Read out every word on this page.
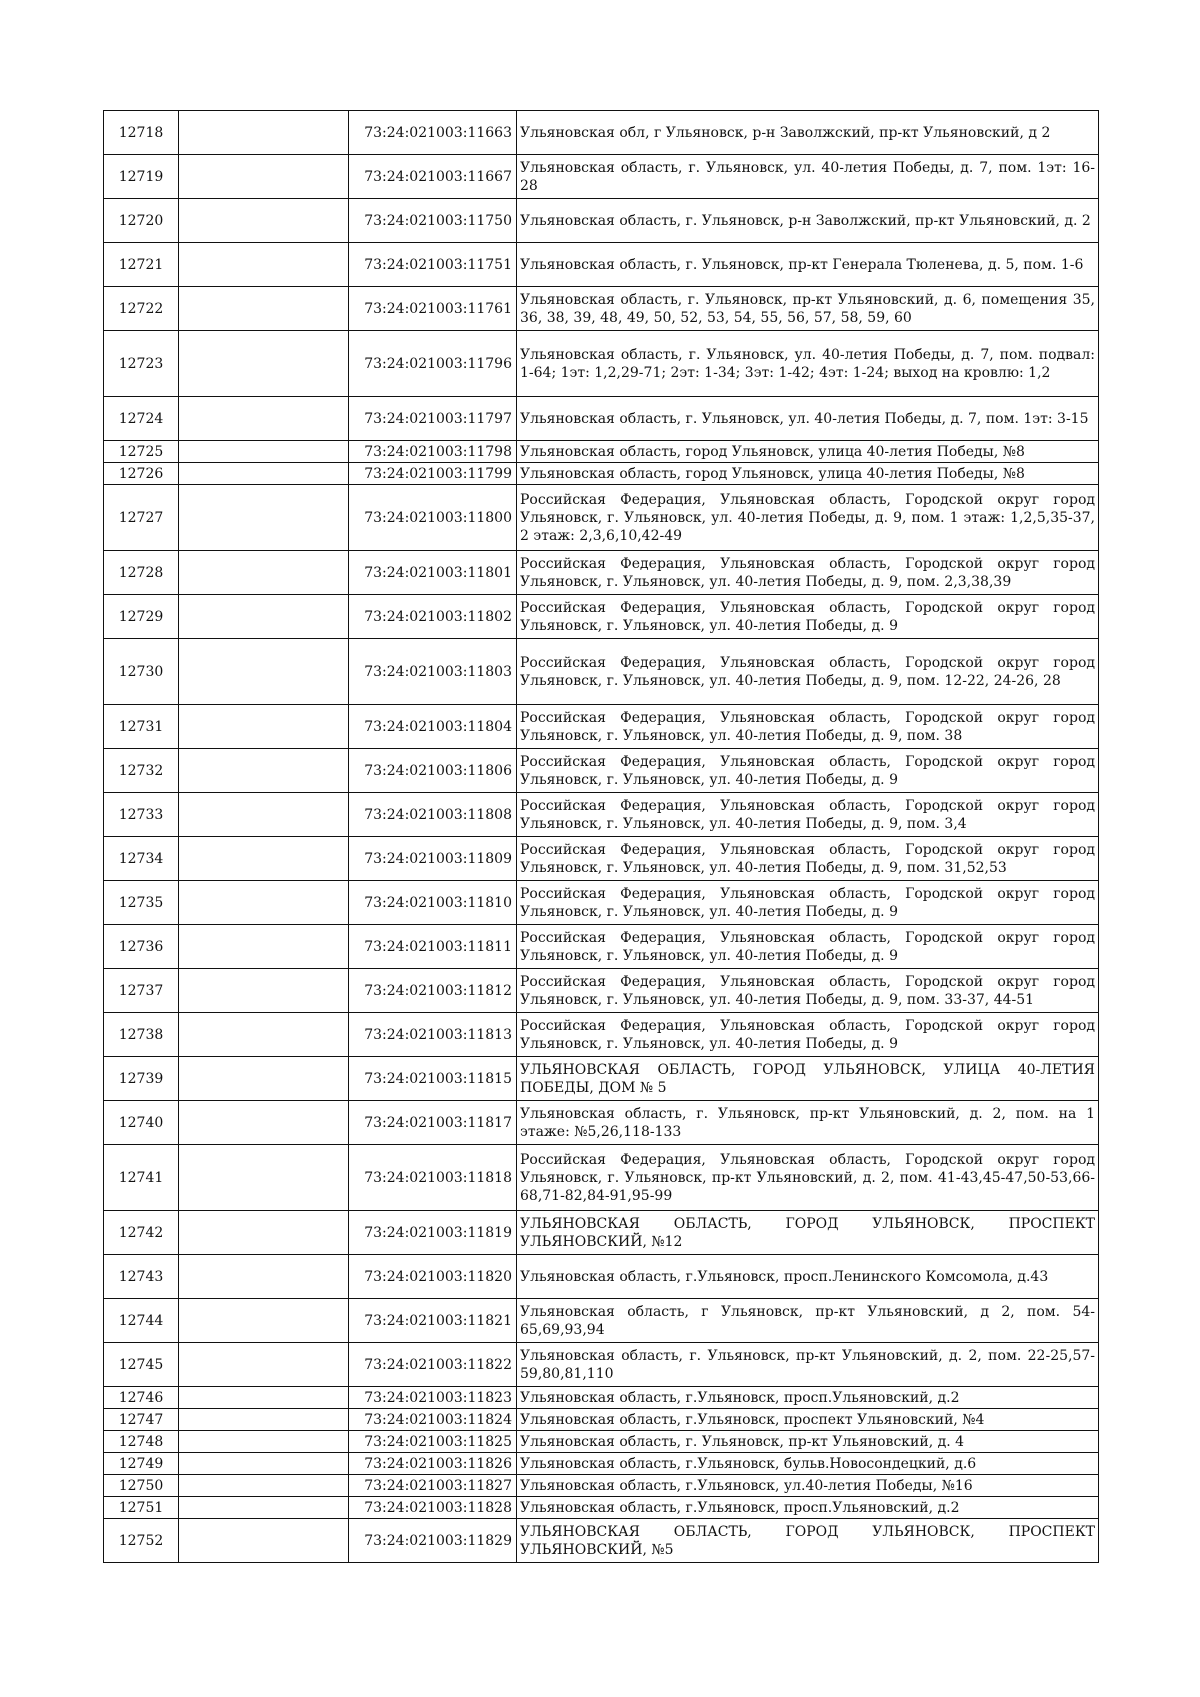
12718		73:24:021003:11663	Ульяновская обл, г Ульяновск, р-н Заволжский, пр-кт Ульяновский, д 2
12719		73:24:021003:11667	Ульяновская область, г. Ульяновск, ул. 40-летия Победы, д. 7, пом. 1эт: 16-28
12720		73:24:021003:11750	Ульяновская область, г. Ульяновск, р-н Заволжский, пр-кт Ульяновский, д. 2
12721		73:24:021003:11751	Ульяновская область, г. Ульяновск, пр-кт Генерала Тюленева, д. 5, пом. 1-6
12722		73:24:021003:11761	Ульяновская область, г. Ульяновск, пр-кт Ульяновский, д. 6, помещения 35, 36, 38, 39, 48, 49, 50, 52, 53, 54, 55, 56, 57, 58, 59, 60
12723		73:24:021003:11796	Ульяновская область, г. Ульяновск, ул. 40-летия Победы, д. 7, пом. подвал: 1-64; 1эт: 1,2,29-71; 2эт: 1-34; 3эт: 1-42; 4эт: 1-24; выход на кровлю: 1,2
12724		73:24:021003:11797	Ульяновская область, г. Ульяновск, ул. 40-летия Победы, д. 7, пом. 1эт: 3-15
12725		73:24:021003:11798	Ульяновская область, город Ульяновск, улица 40-летия Победы, №8
12726		73:24:021003:11799	Ульяновская область, город Ульяновск, улица 40-летия Победы, №8
12727		73:24:021003:11800	Российская Федерация, Ульяновская область, Городской округ город Ульяновск, г. Ульяновск, ул. 40-летия Победы, д. 9, пом. 1 этаж: 1,2,5,35-37, 2 этаж: 2,3,6,10,42-49
12728		73:24:021003:11801	Российская Федерация, Ульяновская область, Городской округ город Ульяновск, г. Ульяновск, ул. 40-летия Победы, д. 9, пом. 2,3,38,39
12729		73:24:021003:11802	Российская Федерация, Ульяновская область, Городской округ город Ульяновск, г. Ульяновск, ул. 40-летия Победы, д. 9
12730		73:24:021003:11803	Российская Федерация, Ульяновская область, Городской округ город Ульяновск, г. Ульяновск, ул. 40-летия Победы, д. 9, пом. 12-22, 24-26, 28
12731		73:24:021003:11804	Российская Федерация, Ульяновская область, Городской округ город Ульяновск, г. Ульяновск, ул. 40-летия Победы, д. 9, пом. 38
12732		73:24:021003:11806	Российская Федерация, Ульяновская область, Городской округ город Ульяновск, г. Ульяновск, ул. 40-летия Победы, д. 9
12733		73:24:021003:11808	Российская Федерация, Ульяновская область, Городской округ город Ульяновск, г. Ульяновск, ул. 40-летия Победы, д. 9, пом. 3,4
12734		73:24:021003:11809	Российская Федерация, Ульяновская область, Городской округ город Ульяновск, г. Ульяновск, ул. 40-летия Победы, д. 9, пом. 31,52,53
12735		73:24:021003:11810	Российская Федерация, Ульяновская область, Городской округ город Ульяновск, г. Ульяновск, ул. 40-летия Победы, д. 9
12736		73:24:021003:11811	Российская Федерация, Ульяновская область, Городской округ город Ульяновск, г. Ульяновск, ул. 40-летия Победы, д. 9
12737		73:24:021003:11812	Российская Федерация, Ульяновская область, Городской округ город Ульяновск, г. Ульяновск, ул. 40-летия Победы, д. 9, пом. 33-37, 44-51
12738		73:24:021003:11813	Российская Федерация, Ульяновская область, Городской округ город Ульяновск, г. Ульяновск, ул. 40-летия Победы, д. 9
12739		73:24:021003:11815	УЛЬЯНОВСКАЯ ОБЛАСТЬ, ГОРОД УЛЬЯНОВСК, УЛИЦА 40-ЛЕТИЯ ПОБЕДЫ, ДОМ № 5
12740		73:24:021003:11817	Ульяновская область, г. Ульяновск, пр-кт Ульяновский, д. 2, пом. на 1 этаже: №5,26,118-133
12741		73:24:021003:11818	Российская Федерация, Ульяновская область, Городской округ город Ульяновск, г. Ульяновск, пр-кт Ульяновский, д. 2, пом. 41-43,45-47,50-53,66-68,71-82,84-91,95-99
12742		73:24:021003:11819	УЛЬЯНОВСКАЯ ОБЛАСТЬ, ГОРОД УЛЬЯНОВСК, ПРОСПЕКТ УЛЬЯНОВСКИЙ, №12
12743		73:24:021003:11820	Ульяновская область, г.Ульяновск, просп.Ленинского Комсомола, д.43
12744		73:24:021003:11821	Ульяновская область, г Ульяновск, пр-кт Ульяновский, д 2, пом. 54-65,69,93,94
12745		73:24:021003:11822	Ульяновская область, г. Ульяновск, пр-кт Ульяновский, д. 2, пом. 22-25,57-59,80,81,110
12746		73:24:021003:11823	Ульяновская область, г.Ульяновск, просп.Ульяновский, д.2
12747		73:24:021003:11824	Ульяновская область, г.Ульяновск, проспект Ульяновский, №4
12748		73:24:021003:11825	Ульяновская область, г. Ульяновск, пр-кт Ульяновский, д. 4
12749		73:24:021003:11826	Ульяновская область, г.Ульяновск, бульв.Новосондецкий, д.6
12750		73:24:021003:11827	Ульяновская область, г.Ульяновск, ул.40-летия Победы, №16
12751		73:24:021003:11828	Ульяновская область, г.Ульяновск, просп.Ульяновский, д.2
12752		73:24:021003:11829	УЛЬЯНОВСКАЯ ОБЛАСТЬ, ГОРОД УЛЬЯНОВСК, ПРОСПЕКТ УЛЬЯНОВСКИЙ, №5
